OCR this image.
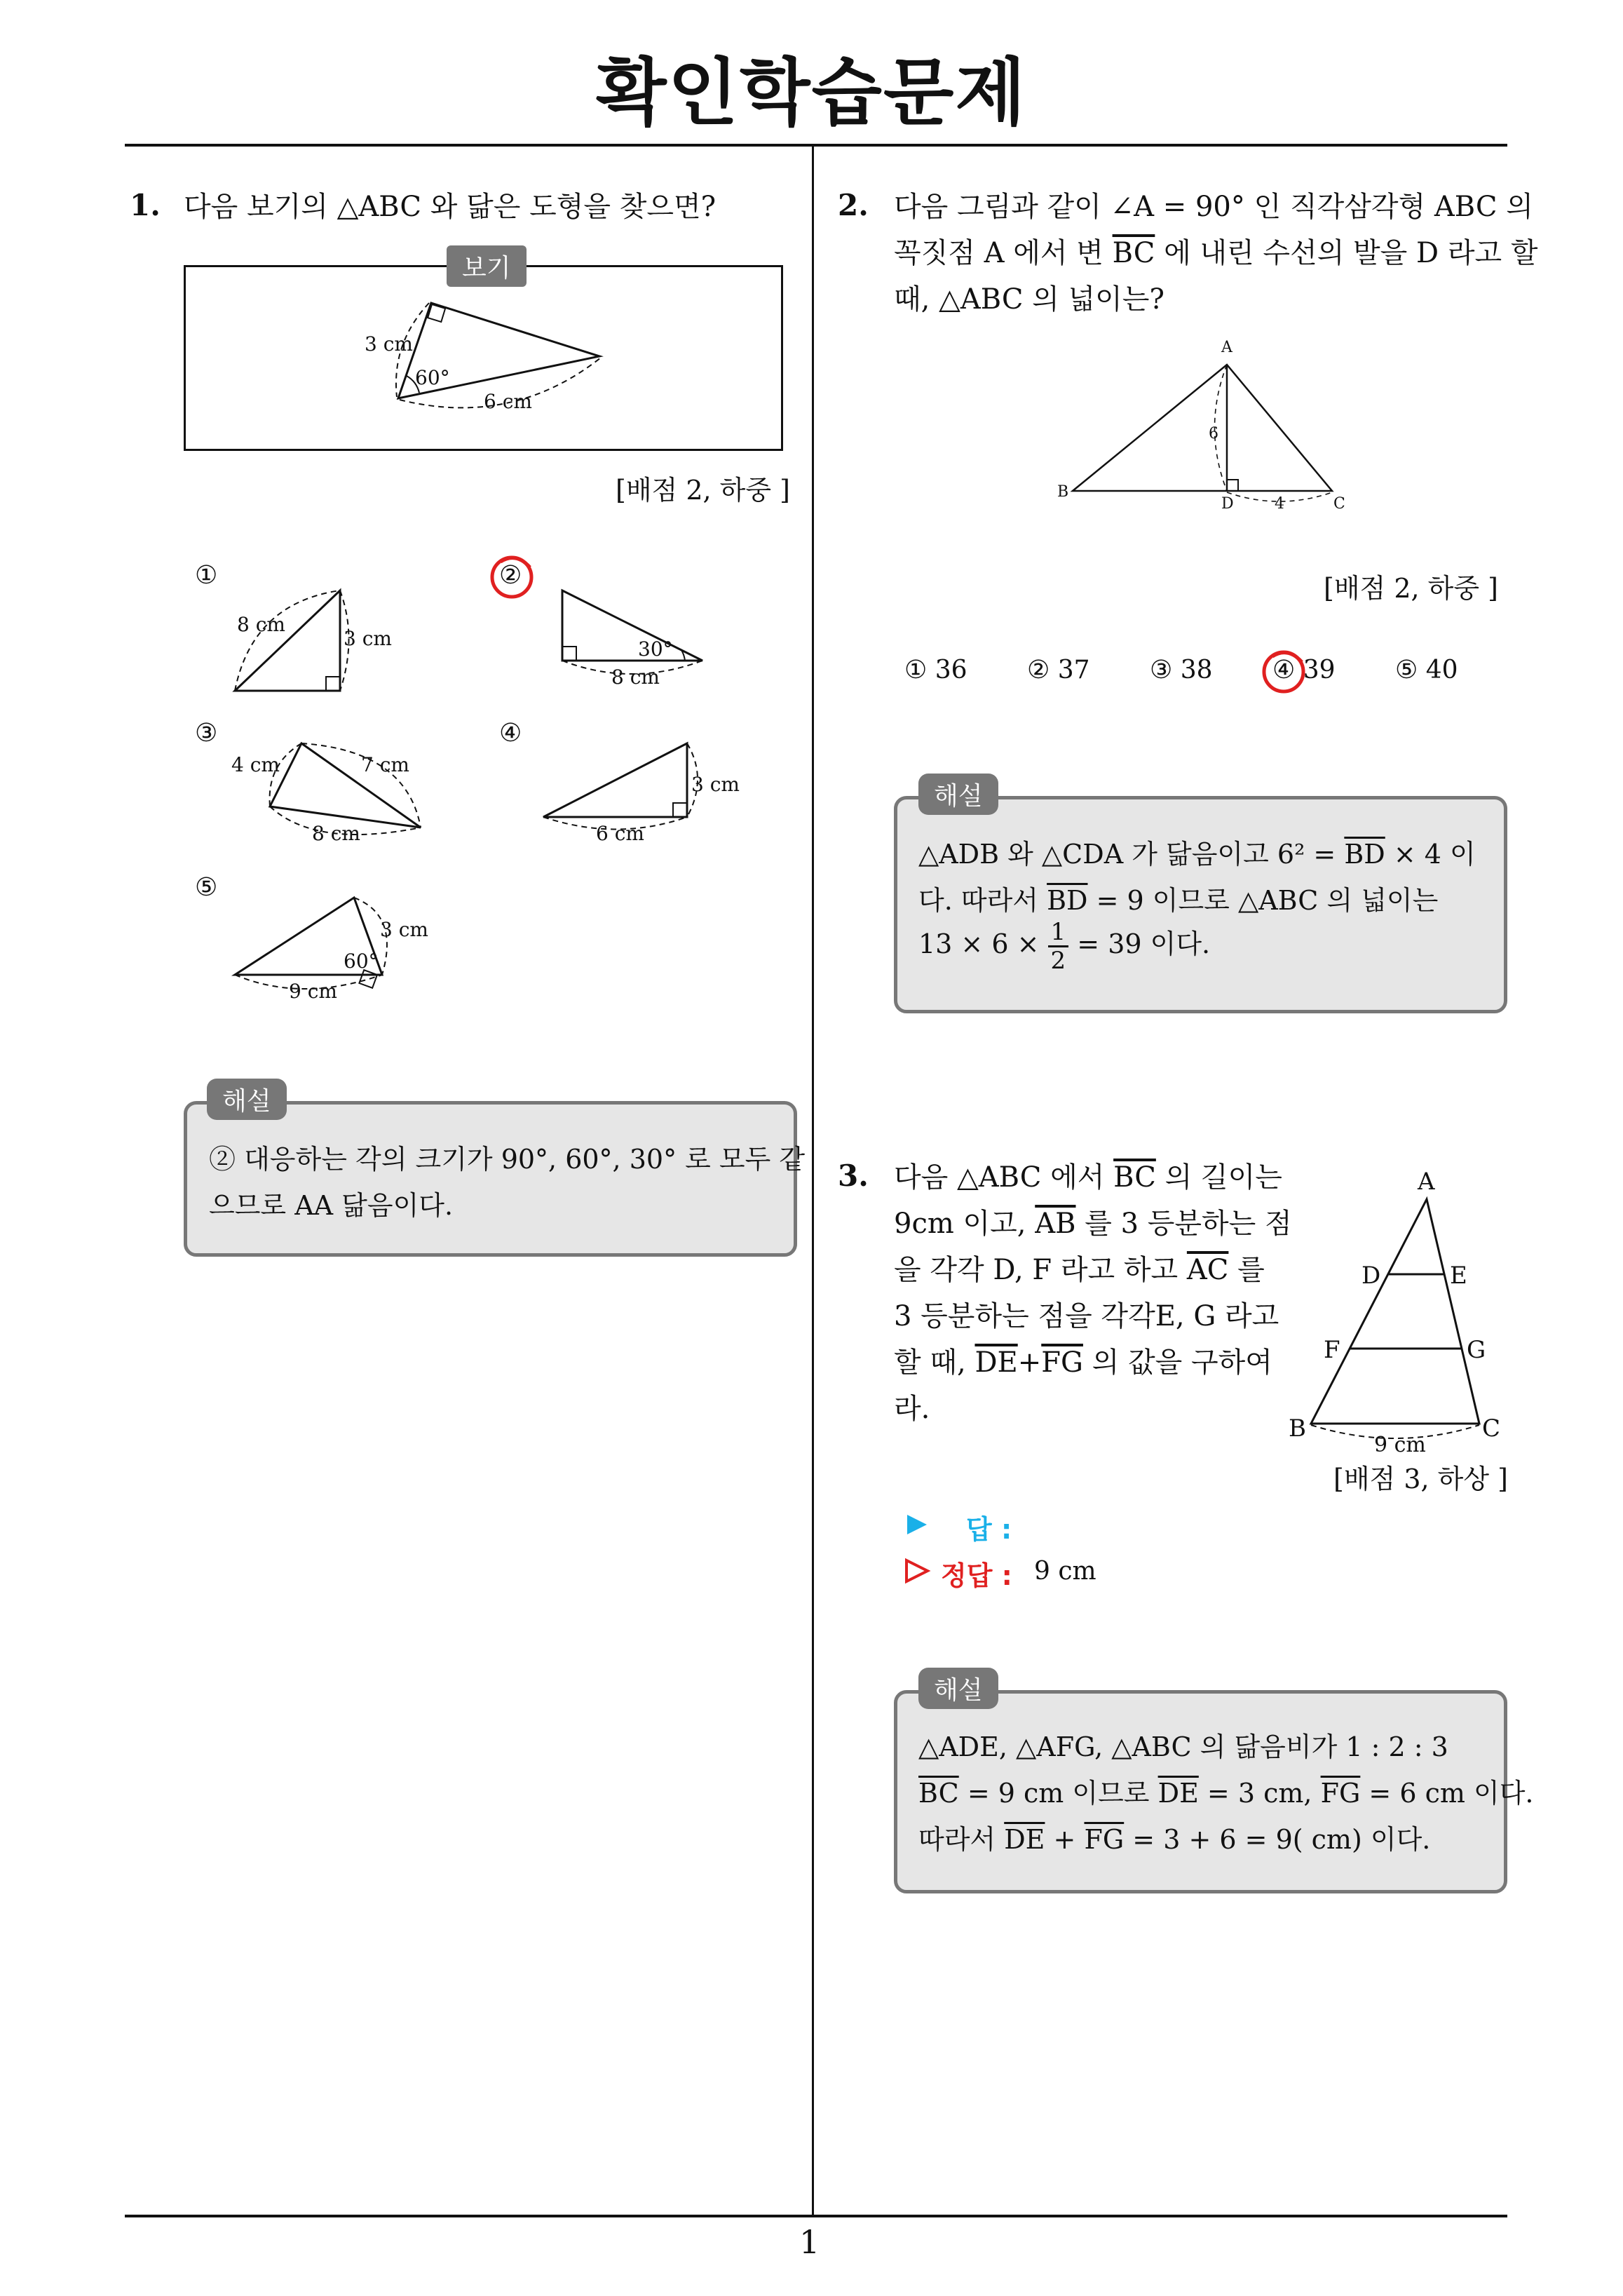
확인학습문제
1
1. 다음 보기의 △ABC 와 닮은 도형을 찾으면?
보기
3 cm
60°
6 cm
[배점 2, 하중 ]
①
8 cm
3 cm
②
30°
8 cm
③
4 cm	7 cm
8 cm
④
3 cm
6 cm
⑤
3 cm
60°
9 cm
해설
② 대응하는 각의 크기가 90°, 60°, 30° 로 모두 같
으므로 AA 닮음이다.
2. 다음 그림과 같이 ∠A = 90° 인 직각삼각형 ABC 의
꼭짓점 A 에서 변 $\overline{BC}$ 에 내린 수선의 발을 D 라고 할
때, △ABC 의 넓이는?
A
B
C
D
6
4
[배점 2, 하중 ]
① 36 ② 37 ③ 38 ④ 39 ⑤ 40
해설
△ADB 와 △CDA 가 닮음이고 $6^2 = \overline{BD} \times 4$ 이
다. 따라서 $\overline{BD} = 9$ 이므로 △ABC 의 넓이는
$13 \times 6 \times \frac{1}{2} = 39$ 이다.
3. 다음 △ABC 에서 $\overline{BC}$ 의 길이는
9cm 이고, $\overline{AB}$ 를 3 등분하는 점
을 각각 D, F 라고 하고 $\overline{AC}$ 를
3 등분하는 점을 각각E, G 라고
할 때, $\overline{DE}+\overline{FG}$ 의 값을 구하여
라.
A
D	E
F	G
B	C
9 cm
[배점 3, 하상 ]
답 :
정답 : 9 cm
해설
△ADE, △AFG, △ABC 의 닮음비가 1 : 2 : 3
$\overline{BC} = 9$ cm 이므로 $\overline{DE} = 3$ cm, $\overline{FG} = 6$ cm 이다.
따라서 $\overline{DE} + \overline{FG} = 3 + 6 = 9$( cm) 이다.
